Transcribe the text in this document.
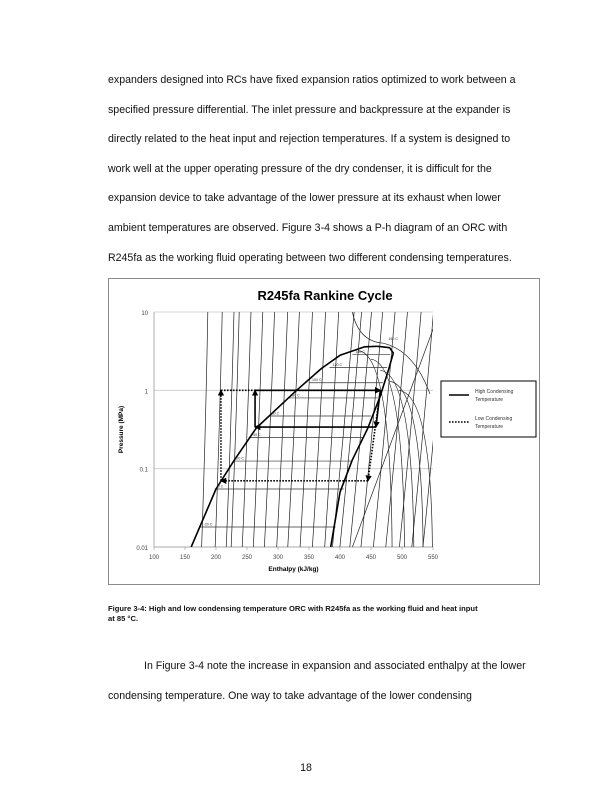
expanders designed into RCs have fixed expansion ratios optimized to work between a

specified pressure differential. The inlet pressure and backpressure at the expander is

directly related to the heat input and rejection temperatures. If a system is designed to

work well at the upper operating pressure of the dry condenser, it is difficult for the

expansion device to take advantage of the lower pressure at its exhaust when lower

ambient temperatures are observed. Figure 3-4 shows a P-h diagram of an ORC with

R245fa as the working fluid operating between two different condensing temperatures.

R245fa Rankine Cycle
10
1
0.1
0.01
100	150	200	250	300	350	400	450	500	550
Enthalpy (kJ/kg)
Pressure (MPa)
-20 C
0 C
20 C
40 C
60 C
80 C
100 C
120 C
140 C
160 C
High Condensing
Temperature
Low Condensing
Temperature
Figure 3-4: High and low condensing temperature ORC with R245fa as the working fluid and heat input
at 85 °C.

In Figure 3-4 note the increase in expansion and associated enthalpy at the lower

condensing temperature. One way to take advantage of the lower condensing

18
